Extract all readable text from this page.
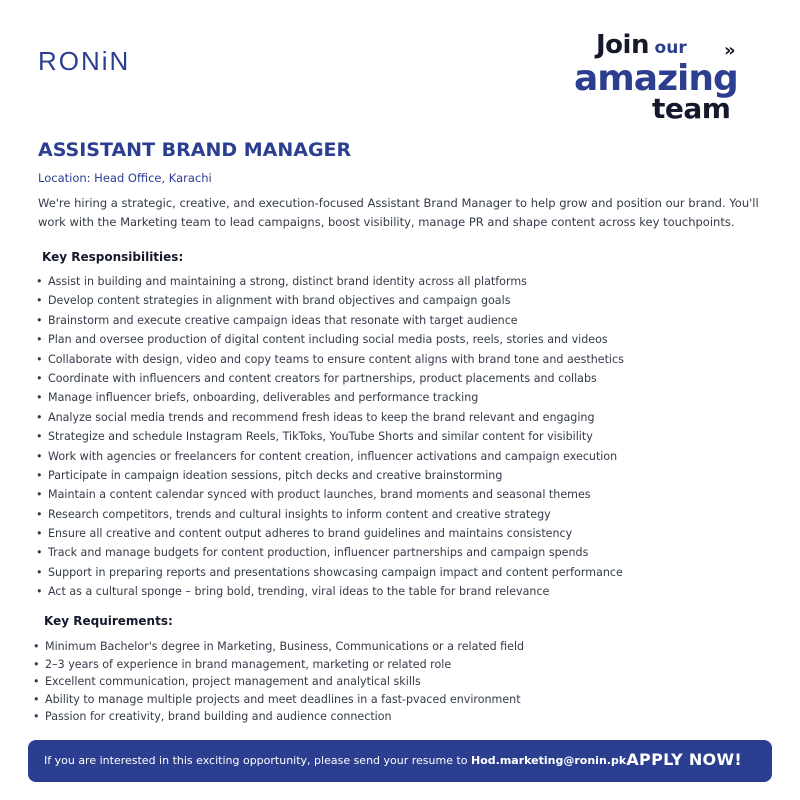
RONiN
Join our »
amazing
team
ASSISTANT BRAND MANAGER
Location: Head Office, Karachi

We're hiring a strategic, creative, and execution-focused Assistant Brand Manager to help grow and position our brand. You'll work with the Marketing team to lead campaigns, boost visibility, manage PR and shape content across key touchpoints.

Key Responsibilities:
• Assist in building and maintaining a strong, distinct brand identity across all platforms
• Develop content strategies in alignment with brand objectives and campaign goals
• Brainstorm and execute creative campaign ideas that resonate with target audience
• Plan and oversee production of digital content including social media posts, reels, stories and videos
• Collaborate with design, video and copy teams to ensure content aligns with brand tone and aesthetics
• Coordinate with influencers and content creators for partnerships, product placements and collabs
• Manage influencer briefs, onboarding, deliverables and performance tracking
• Analyze social media trends and recommend fresh ideas to keep the brand relevant and engaging
• Strategize and schedule Instagram Reels, TikToks, YouTube Shorts and similar content for visibility
• Work with agencies or freelancers for content creation, influencer activations and campaign execution
• Participate in campaign ideation sessions, pitch decks and creative brainstorming
• Maintain a content calendar synced with product launches, brand moments and seasonal themes
• Research competitors, trends and cultural insights to inform content and creative strategy
• Ensure all creative and content output adheres to brand guidelines and maintains consistency
• Track and manage budgets for content production, influencer partnerships and campaign spends
• Support in preparing reports and presentations showcasing campaign impact and content performance
• Act as a cultural sponge – bring bold, trending, viral ideas to the table for brand relevance
Key Requirements:
• Minimum Bachelor's degree in Marketing, Business, Communications or a related field
• 2–3 years of experience in brand management, marketing or related role
• Excellent communication, project management and analytical skills
• Ability to manage multiple projects and meet deadlines in a fast-pvaced environment
• Passion for creativity, brand building and audience connection
If you are interested in this exciting opportunity, please send your resume to Hod.marketing@ronin.pk APPLY NOW!
